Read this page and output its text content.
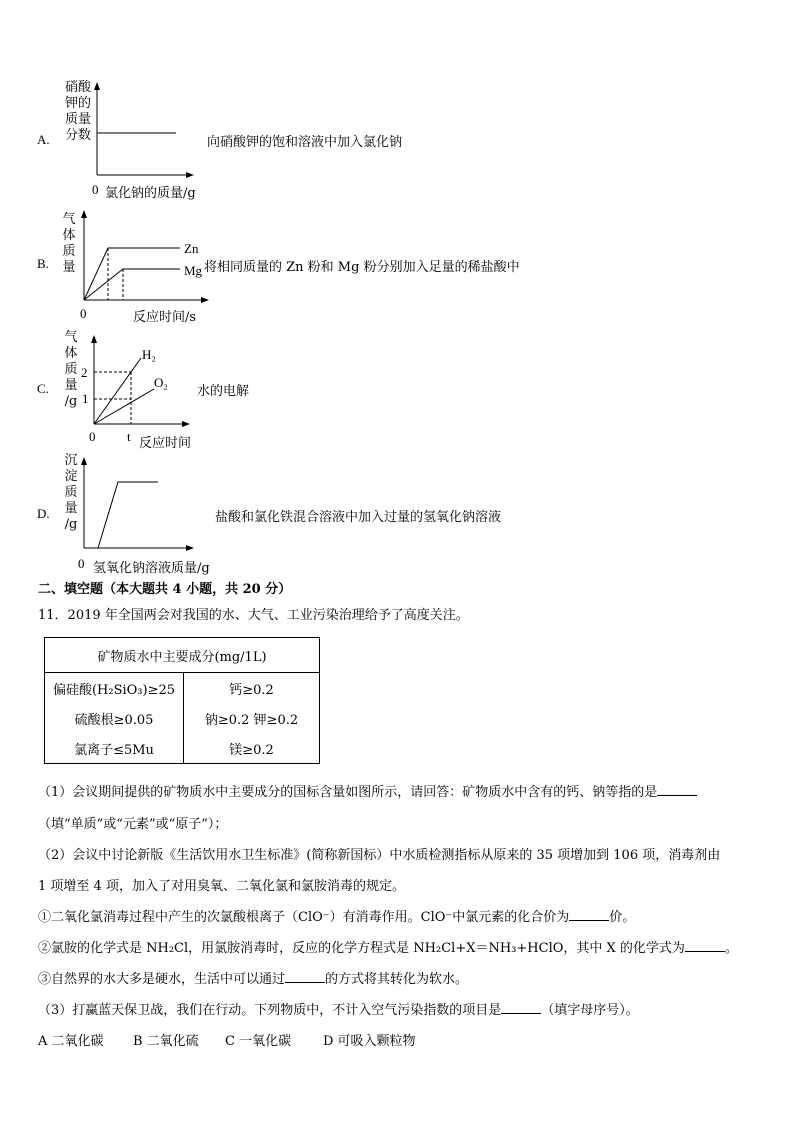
A.
硝酸
钾的
质量
分数
0 氯化钠的质量/g
向硝酸钾的饱和溶液中加入氯化钠
B.
气
体
质
量
Zn
Mg
0	反应时间/s
将相同质量的 Zn 粉和 Mg 粉分别加入足量的稀盐酸中
C.
气
体
质
量
/g
2
1
t
0	反应时间
H₂
O₂
水的电解
D.
沉
淀
质
量
/g
0 氢氧化钠溶液质量/g
盐酸和氯化铁混合溶液中加入过量的氢氧化钠溶液
二、填空题（本大题共 4 小题，共 20 分）
11．2019 年全国两会对我国的水、大气、工业污染治理给予了高度关注。
矿物质水中主要成分(mg/1L)	
偏硅酸(H₂SiO₃)≥25	钙≥0.2
硫酸根≥0.05	钠≥0.2 钾≥0.2
氯离子≤5Mu	镁≥0.2
（1）会议期间提供的矿物质水中主要成分的国标含量如图所示，请回答：矿物质水中含有的钙、钠等指的是
（填“单质”或“元素”或“原子”）；
（2）会议中讨论新版《生活饮用水卫生标准》(简称新国标）中水质检测指标从原来的 35 项增加到 106 项，消毒剂由
1 项增至 4 项，加入了对用臭氧、二氧化氯和氯胺消毒的规定。
①二氧化氯消毒过程中产生的次氯酸根离子（ClO⁻）有消毒作用。ClO⁻中氯元素的化合价为	价。
②氯胺的化学式是 NH₂Cl，用氯胺消毒时，反应的化学方程式是 NH₂Cl+X＝NH₃+HClO，其中 X 的化学式为	。
③自然界的水大多是硬水，生活中可以通过	的方式将其转化为软水。
（3）打赢蓝天保卫战，我们在行动。下列物质中，不计入空气污染指数的项目是	（填字母序号）。
A 二氧化碳 B 二氧化硫 C 一氧化碳 D 可吸入颗粒物
